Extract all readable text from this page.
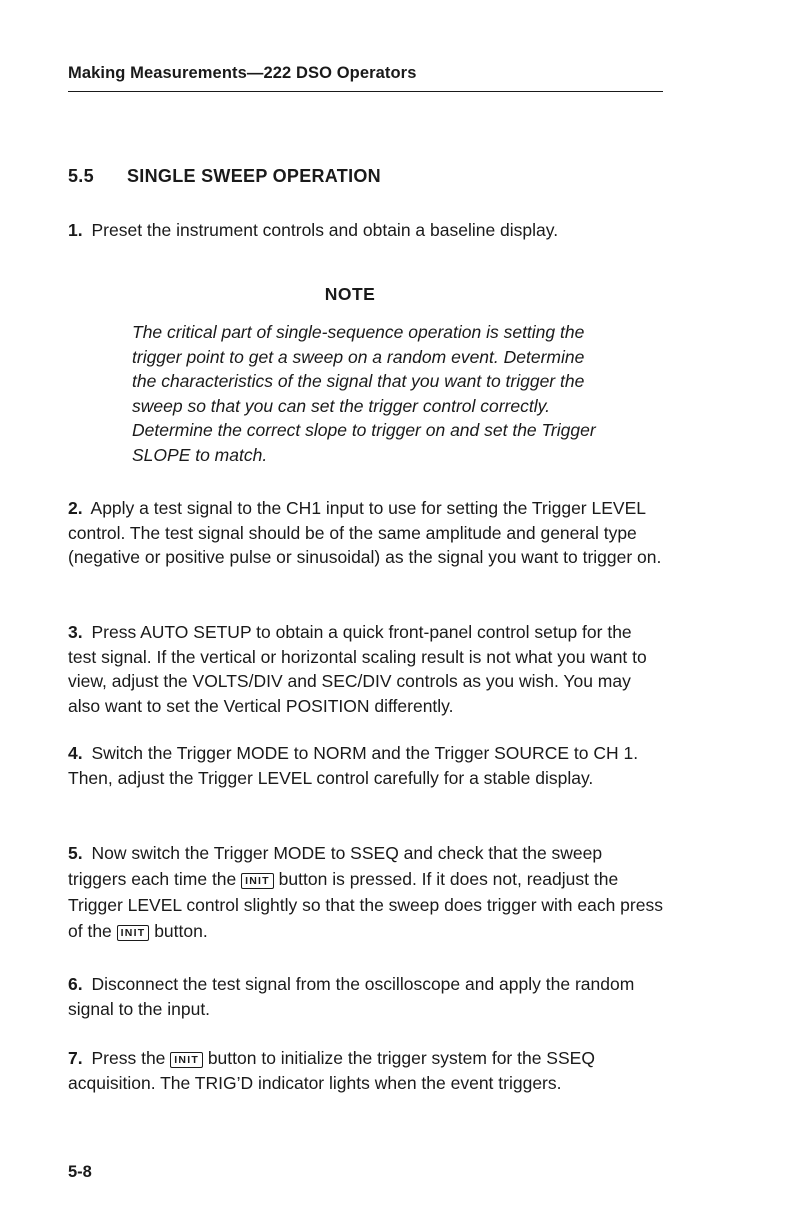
Making Measurements—222 DSO Operators
5.5 SINGLE SWEEP OPERATION
1. Preset the instrument controls and obtain a baseline display.
NOTE
The critical part of single-sequence operation is setting the trigger point to get a sweep on a random event. Determine the characteristics of the signal that you want to trigger the sweep so that you can set the trigger control correctly. Determine the correct slope to trigger on and set the Trigger SLOPE to match.
2. Apply a test signal to the CH1 input to use for setting the Trigger LEVEL control. The test signal should be of the same amplitude and general type (negative or positive pulse or sinusoidal) as the signal you want to trigger on.
3. Press AUTO SETUP to obtain a quick front-panel control setup for the test signal. If the vertical or horizontal scaling result is not what you want to view, adjust the VOLTS/DIV and SEC/DIV controls as you wish. You may also want to set the Vertical POSITION differently.
4. Switch the Trigger MODE to NORM and the Trigger SOURCE to CH 1. Then, adjust the Trigger LEVEL control carefully for a stable display.
5. Now switch the Trigger MODE to SSEQ and check that the sweep triggers each time the INIT button is pressed. If it does not, readjust the Trigger LEVEL control slightly so that the sweep does trigger with each press of the INIT button.
6. Disconnect the test signal from the oscilloscope and apply the random signal to the input.
7. Press the INIT button to initialize the trigger system for the SSEQ acquisition. The TRIG’D indicator lights when the event triggers.
5-8
